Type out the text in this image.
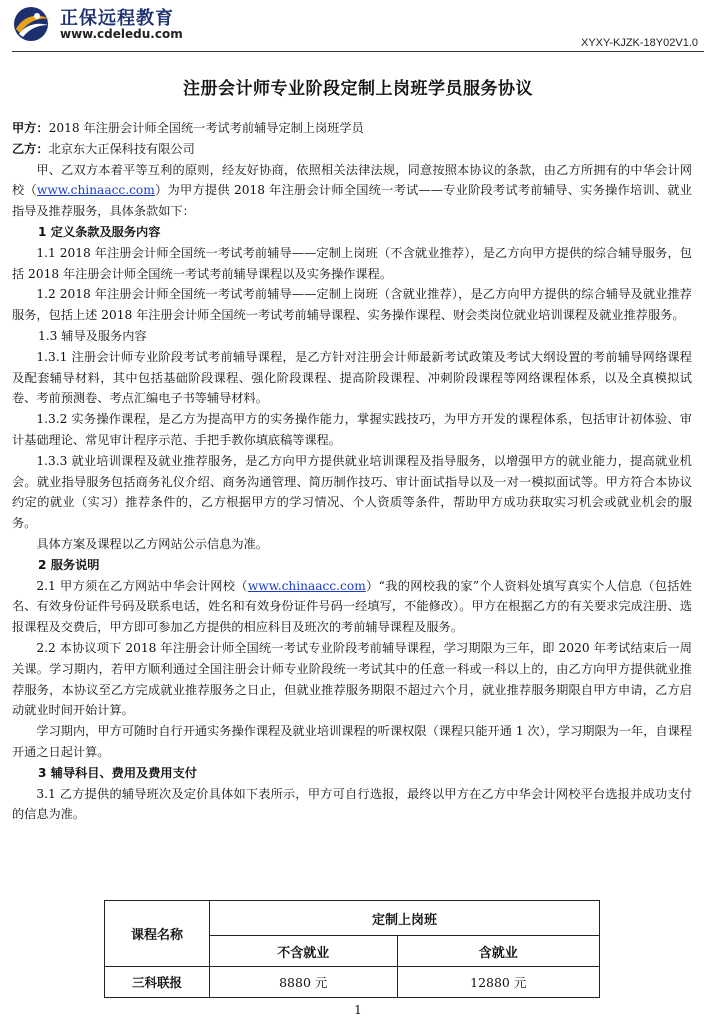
正保远程教育
www.cdeledu.com
XYXY-KJZK-18Y02V1.0
注册会计师专业阶段定制上岗班学员服务协议

甲方：2018 年注册会计师全国统一考试考前辅导定制上岗班学员

乙方：北京东大正保科技有限公司

甲、乙双方本着平等互利的原则，经友好协商，依照相关法律法规，同意按照本协议的条款，由乙方所拥有的中华会计网校（www.chinaacc.com）为甲方提供 2018 年注册会计师全国统一考试——专业阶段考试考前辅导、实务操作培训、就业指导及推荐服务，具体条款如下：

1 定义条款及服务内容

1.1 2018 年注册会计师全国统一考试考前辅导——定制上岗班（不含就业推荐），是乙方向甲方提供的综合辅导服务，包括 2018 年注册会计师全国统一考试考前辅导课程以及实务操作课程。

1.2 2018 年注册会计师全国统一考试考前辅导——定制上岗班（含就业推荐），是乙方向甲方提供的综合辅导及就业推荐服务，包括上述 2018 年注册会计师全国统一考试考前辅导课程、实务操作课程、财会类岗位就业培训课程及就业推荐服务。

1.3 辅导及服务内容

1.3.1 注册会计师专业阶段考试考前辅导课程，是乙方针对注册会计师最新考试政策及考试大纲设置的考前辅导网络课程及配套辅导材料，其中包括基础阶段课程、强化阶段课程、提高阶段课程、冲刺阶段课程等网络课程体系，以及全真模拟试卷、考前预测卷、考点汇编电子书等辅导材料。

1.3.2 实务操作课程，是乙方为提高甲方的实务操作能力，掌握实践技巧，为甲方开发的课程体系，包括审计初体验、审计基础理论、常见审计程序示范、手把手教你填底稿等课程。

1.3.3 就业培训课程及就业推荐服务，是乙方向甲方提供就业培训课程及指导服务，以增强甲方的就业能力，提高就业机会。就业指导服务包括商务礼仪介绍、商务沟通管理、简历制作技巧、审计面试指导以及一对一模拟面试等。甲方符合本协议约定的就业（实习）推荐条件的，乙方根据甲方的学习情况、个人资质等条件，帮助甲方成功获取实习机会或就业机会的服务。

具体方案及课程以乙方网站公示信息为准。

2 服务说明

2.1 甲方须在乙方网站中华会计网校（www.chinaacc.com）“我的网校我的家”个人资料处填写真实个人信息（包括姓名、有效身份证件号码及联系电话，姓名和有效身份证件号码一经填写，不能修改）。甲方在根据乙方的有关要求完成注册、选报课程及交费后，甲方即可参加乙方提供的相应科目及班次的考前辅导课程及服务。

2.2 本协议项下 2018 年注册会计师全国统一考试专业阶段考前辅导课程，学习期限为三年，即 2020 年考试结束后一周关课。学习期内，若甲方顺利通过全国注册会计师专业阶段统一考试其中的任意一科或一科以上的，由乙方向甲方提供就业推荐服务，本协议至乙方完成就业推荐服务之日止，但就业推荐服务期限不超过六个月，就业推荐服务期限自甲方申请，乙方启动就业时间开始计算。

学习期内，甲方可随时自行开通实务操作课程及就业培训课程的听课权限（课程只能开通 1 次），学习期限为一年，自课程开通之日起计算。

3 辅导科目、费用及费用支付

3.1 乙方提供的辅导班次及定价具体如下表所示，甲方可自行选报，最终以甲方在乙方中华会计网校平台选报并成功支付的信息为准。

课程名称	定制上岗班	
	不含就业	含就业
三科联报	8880 元	12880 元
1
